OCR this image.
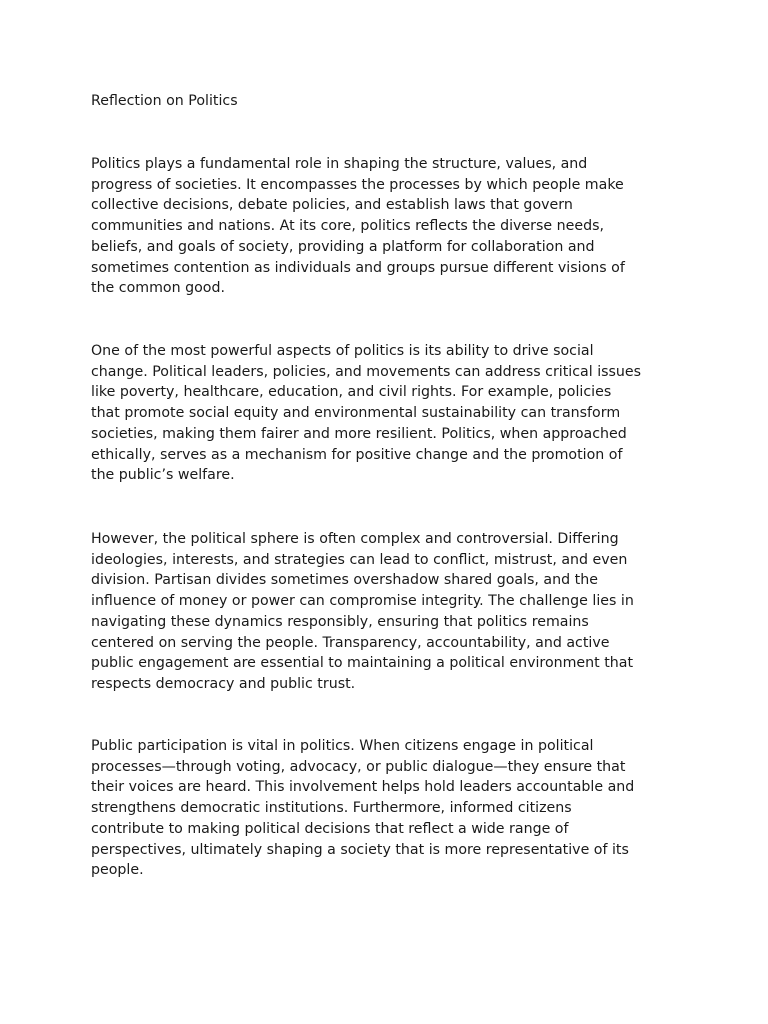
Reflection on Politics

Politics plays a fundamental role in shaping the structure, values, and
progress of societies. It encompasses the processes by which people make
collective decisions, debate policies, and establish laws that govern
communities and nations. At its core, politics reflects the diverse needs,
beliefs, and goals of society, providing a platform for collaboration and
sometimes contention as individuals and groups pursue different visions of
the common good.

One of the most powerful aspects of politics is its ability to drive social
change. Political leaders, policies, and movements can address critical issues
like poverty, healthcare, education, and civil rights. For example, policies
that promote social equity and environmental sustainability can transform
societies, making them fairer and more resilient. Politics, when approached
ethically, serves as a mechanism for positive change and the promotion of
the public’s welfare.

However, the political sphere is often complex and controversial. Differing
ideologies, interests, and strategies can lead to conflict, mistrust, and even
division. Partisan divides sometimes overshadow shared goals, and the
influence of money or power can compromise integrity. The challenge lies in
navigating these dynamics responsibly, ensuring that politics remains
centered on serving the people. Transparency, accountability, and active
public engagement are essential to maintaining a political environment that
respects democracy and public trust.

Public participation is vital in politics. When citizens engage in political
processes—through voting, advocacy, or public dialogue—they ensure that
their voices are heard. This involvement helps hold leaders accountable and
strengthens democratic institutions. Furthermore, informed citizens
contribute to making political decisions that reflect a wide range of
perspectives, ultimately shaping a society that is more representative of its
people.
